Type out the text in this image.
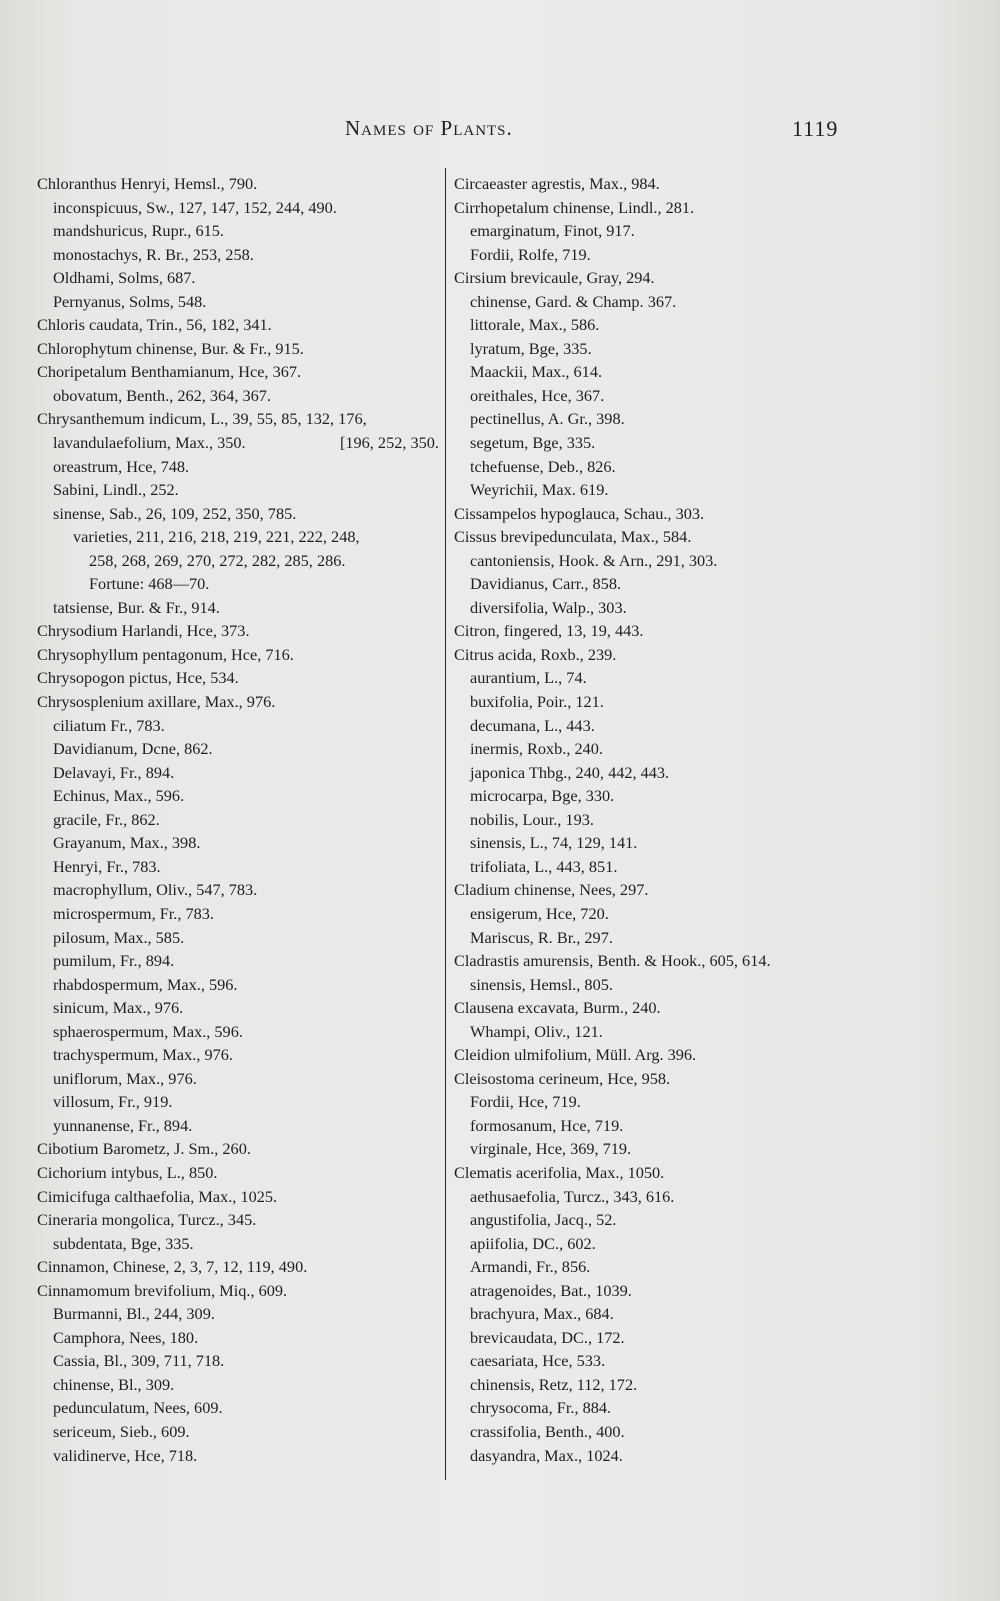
Names of Plants.	1119
Chloranthus Henryi, Hemsl., 790.
inconspicuus, Sw., 127, 147, 152, 244, 490.
mandshuricus, Rupr., 615.
monostachys, R. Br., 253, 258.
Oldhami, Solms, 687.
Pernyanus, Solms, 548.
Chloris caudata, Trin., 56, 182, 341.
Chlorophytum chinense, Bur. & Fr., 915.
Choripetalum Benthamianum, Hce, 367.
obovatum, Benth., 262, 364, 367.
Chrysanthemum indicum, L., 39, 55, 85, 132, 176,
lavandulaefolium, Max., 350.	[196, 252, 350.
oreastrum, Hce, 748.
Sabini, Lindl., 252.
sinense, Sab., 26, 109, 252, 350, 785.
varieties, 211, 216, 218, 219, 221, 222, 248,
258, 268, 269, 270, 272, 282, 285, 286.
Fortune: 468—70.
tatsiense, Bur. & Fr., 914.
Chrysodium Harlandi, Hce, 373.
Chrysophyllum pentagonum, Hce, 716.
Chrysopogon pictus, Hce, 534.
Chrysosplenium axillare, Max., 976.
ciliatum Fr., 783.
Davidianum, Dcne, 862.
Delavayi, Fr., 894.
Echinus, Max., 596.
gracile, Fr., 862.
Grayanum, Max., 398.
Henryi, Fr., 783.
macrophyllum, Oliv., 547, 783.
microspermum, Fr., 783.
pilosum, Max., 585.
pumilum, Fr., 894.
rhabdospermum, Max., 596.
sinicum, Max., 976.
sphaerospermum, Max., 596.
trachyspermum, Max., 976.
uniflorum, Max., 976.
villosum, Fr., 919.
yunnanense, Fr., 894.
Cibotium Barometz, J. Sm., 260.
Cichorium intybus, L., 850.
Cimicifuga calthaefolia, Max., 1025.
Cineraria mongolica, Turcz., 345.
subdentata, Bge, 335.
Cinnamon, Chinese, 2, 3, 7, 12, 119, 490.
Cinnamomum brevifolium, Miq., 609.
Burmanni, Bl., 244, 309.
Camphora, Nees, 180.
Cassia, Bl., 309, 711, 718.
chinense, Bl., 309.
pedunculatum, Nees, 609.
sericeum, Sieb., 609.
validinerve, Hce, 718.
Circaeaster agrestis, Max., 984.
Cirrhopetalum chinense, Lindl., 281.
emarginatum, Finot, 917.
Fordii, Rolfe, 719.
Cirsium brevicaule, Gray, 294.
chinense, Gard. & Champ. 367.
littorale, Max., 586.
lyratum, Bge, 335.
Maackii, Max., 614.
oreithales, Hce, 367.
pectinellus, A. Gr., 398.
segetum, Bge, 335.
tchefuense, Deb., 826.
Weyrichii, Max. 619.
Cissampelos hypoglauca, Schau., 303.
Cissus brevipedunculata, Max., 584.
cantoniensis, Hook. & Arn., 291, 303.
Davidianus, Carr., 858.
diversifolia, Walp., 303.
Citron, fingered, 13, 19, 443.
Citrus acida, Roxb., 239.
aurantium, L., 74.
buxifolia, Poir., 121.
decumana, L., 443.
inermis, Roxb., 240.
japonica Thbg., 240, 442, 443.
microcarpa, Bge, 330.
nobilis, Lour., 193.
sinensis, L., 74, 129, 141.
trifoliata, L., 443, 851.
Cladium chinense, Nees, 297.
ensigerum, Hce, 720.
Mariscus, R. Br., 297.
Cladrastis amurensis, Benth. & Hook., 605, 614.
sinensis, Hemsl., 805.
Clausena excavata, Burm., 240.
Whampi, Oliv., 121.
Cleidion ulmifolium, Müll. Arg. 396.
Cleisostoma cerineum, Hce, 958.
Fordii, Hce, 719.
formosanum, Hce, 719.
virginale, Hce, 369, 719.
Clematis acerifolia, Max., 1050.
aethusaefolia, Turcz., 343, 616.
angustifolia, Jacq., 52.
apiifolia, DC., 602.
Armandi, Fr., 856.
atragenoides, Bat., 1039.
brachyura, Max., 684.
brevicaudata, DC., 172.
caesariata, Hce, 533.
chinensis, Retz, 112, 172.
chrysocoma, Fr., 884.
crassifolia, Benth., 400.
dasyandra, Max., 1024.
